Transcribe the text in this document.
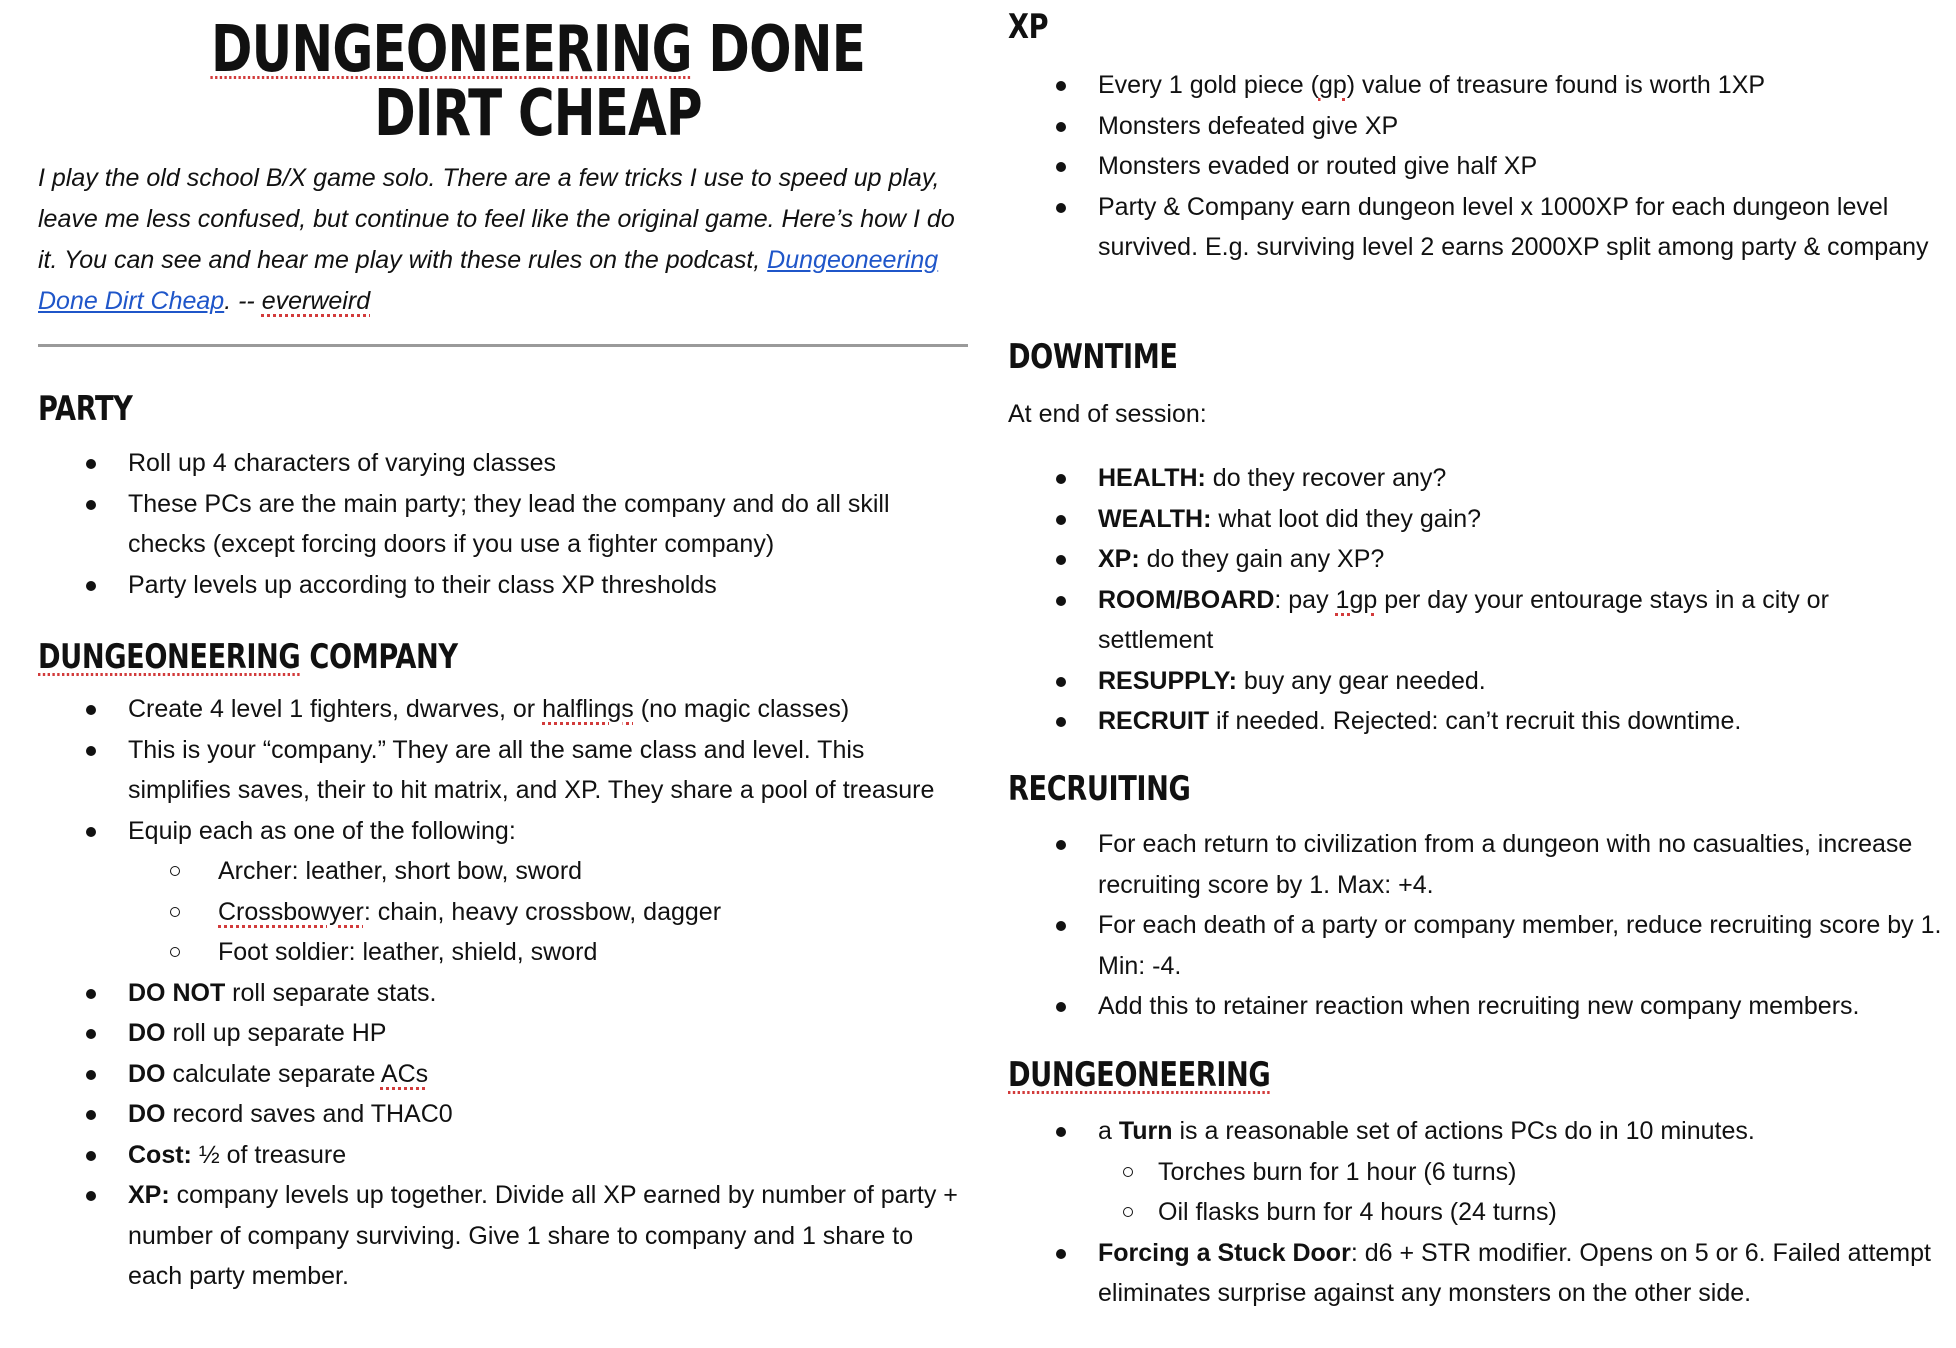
DUNGEONEERING DONE DIRT CHEAP
I play the old school B/X game solo. There are a few tricks I use to speed up play, leave me less confused, but continue to feel like the original game. Here’s how I do it. You can see and hear me play with these rules on the podcast, Dungeoneering Done Dirt Cheap. -- everweird
PARTY
Roll up 4 characters of varying classes
These PCs are the main party; they lead the company and do all skill checks (except forcing doors if you use a fighter company)
Party levels up according to their class XP thresholds
DUNGEONEERING COMPANY
Create 4 level 1 fighters, dwarves, or halflings (no magic classes)
This is your “company.” They are all the same class and level. This simplifies saves, their to hit matrix, and XP. They share a pool of treasure
Equip each as one of the following:
Archer: leather, short bow, sword
Crossbowyer: chain, heavy crossbow, dagger
Foot soldier: leather, shield, sword
DO NOT roll separate stats.
DO roll up separate HP
DO calculate separate ACs
DO record saves and THAC0
Cost: ½ of treasure
XP: company levels up together. Divide all XP earned by number of party + number of company surviving. Give 1 share to company and 1 share to each party member.
XP
Every 1 gold piece (gp) value of treasure found is worth 1XP
Monsters defeated give XP
Monsters evaded or routed give half XP
Party & Company earn dungeon level x 1000XP for each dungeon level survived. E.g. surviving level 2 earns 2000XP split among party & company
DOWNTIME
At end of session:
HEALTH: do they recover any?
WEALTH: what loot did they gain?
XP: do they gain any XP?
ROOM/BOARD: pay 1gp per day your entourage stays in a city or settlement
RESUPPLY: buy any gear needed.
RECRUIT if needed. Rejected: can’t recruit this downtime.
RECRUITING
For each return to civilization from a dungeon with no casualties, increase recruiting score by 1. Max: +4.
For each death of a party or company member, reduce recruiting score by 1. Min: -4.
Add this to retainer reaction when recruiting new company members.
DUNGEONEERING
a Turn is a reasonable set of actions PCs do in 10 minutes.
Torches burn for 1 hour (6 turns)
Oil flasks burn for 4 hours (24 turns)
Forcing a Stuck Door: d6 + STR modifier. Opens on 5 or 6. Failed attempt eliminates surprise against any monsters on the other side.
